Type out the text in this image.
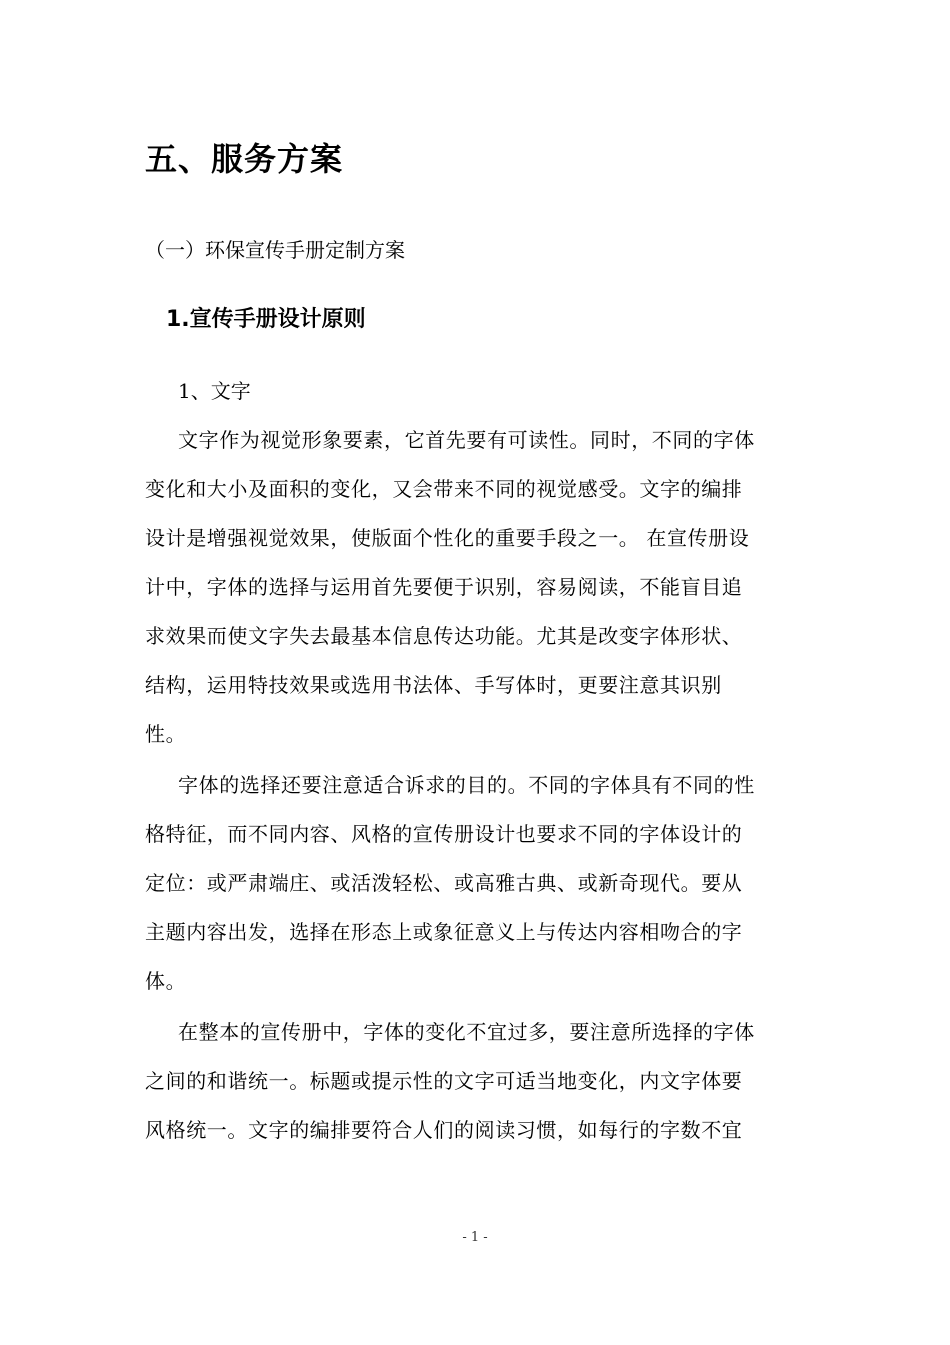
五、服务方案
（一）环保宣传手册定制方案
1.宣传手册设计原则
1、文字
文字作为视觉形象要素，它首先要有可读性。同时，不同的字体
变化和大小及面积的变化，又会带来不同的视觉感受。文字的编排
设计是增强视觉效果，使版面个性化的重要手段之一。 在宣传册设
计中，字体的选择与运用首先要便于识别，容易阅读，不能盲目追
求效果而使文字失去最基本信息传达功能。尤其是改变字体形状、
结构，运用特技效果或选用书法体、手写体时，更要注意其识别
性。
字体的选择还要注意适合诉求的目的。不同的字体具有不同的性
格特征，而不同内容、风格的宣传册设计也要求不同的字体设计的
定位：或严肃端庄、或活泼轻松、或高雅古典、或新奇现代。要从
主题内容出发，选择在形态上或象征意义上与传达内容相吻合的字
体。
在整本的宣传册中，字体的变化不宜过多，要注意所选择的字体
之间的和谐统一。标题或提示性的文字可适当地变化，内文字体要
风格统一。文字的编排要符合人们的阅读习惯，如每行的字数不宜
- 1 -
